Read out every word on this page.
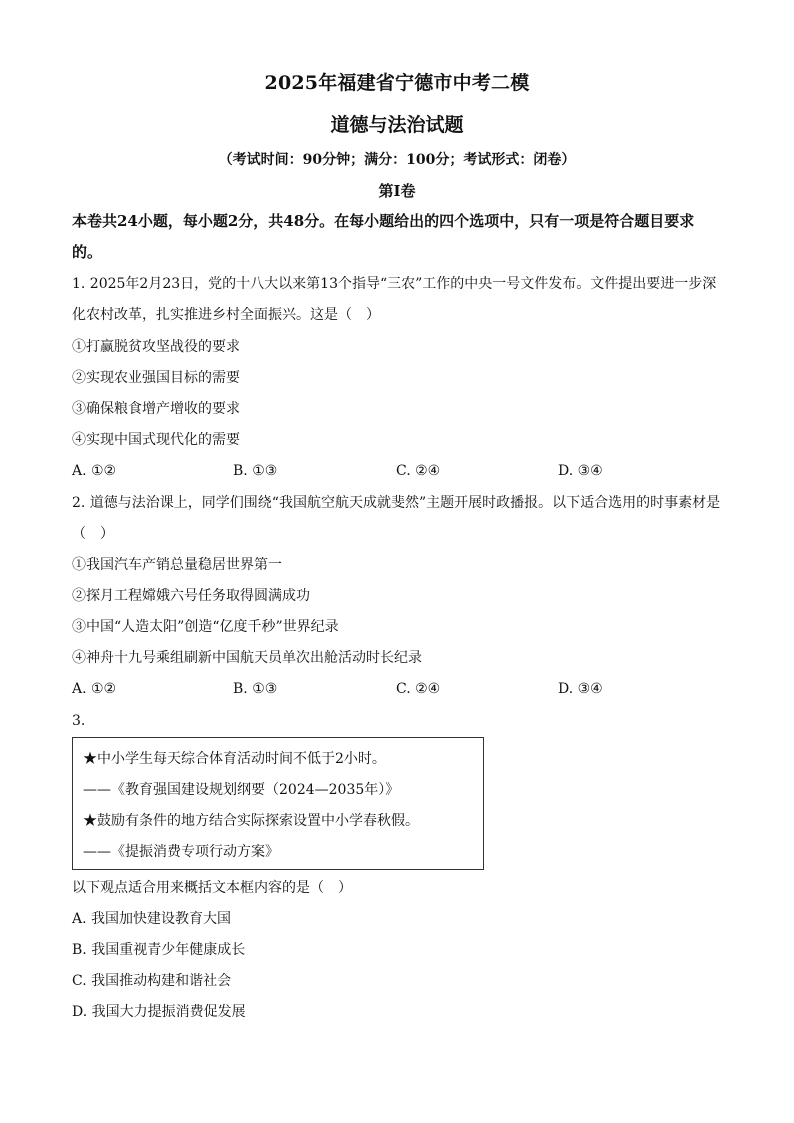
2025年福建省宁德市中考二模
道德与法治试题
（考试时间：90分钟；满分：100分；考试形式：闭卷）
第Ⅰ卷
本卷共24小题，每小题2分，共48分。在每小题给出的四个选项中，只有一项是符合题目要求的。
1. 2025年2月23日，党的十八大以来第13个指导“三农”工作的中央一号文件发布。文件提出要进一步深化农村改革，扎实推进乡村全面振兴。这是（　）
①打赢脱贫攻坚战役的要求
②实现农业强国目标的需要
③确保粮食增产增收的要求
④实现中国式现代化的需要
A. ①②	B. ①③	C. ②④	D. ③④
2. 道德与法治课上，同学们围绕“我国航空航天成就斐然”主题开展时政播报。以下适合选用的时事素材是（　）
①我国汽车产销总量稳居世界第一
②探月工程嫦娥六号任务取得圆满成功
③中国“人造太阳”创造“亿度千秒”世界纪录
④神舟十九号乘组刷新中国航天员单次出舱活动时长纪录
A. ①②	B. ①③	C. ②④	D. ③④
3.
★中小学生每天综合体育活动时间不低于2小时。
——《教育强国建设规划纲要（2024—2035年）》
★鼓励有条件的地方结合实际探索设置中小学春秋假。
——《提振消费专项行动方案》
以下观点适合用来概括文本框内容的是（　）
A. 我国加快建设教育大国
B. 我国重视青少年健康成长
C. 我国推动构建和谐社会
D. 我国大力提振消费促发展
